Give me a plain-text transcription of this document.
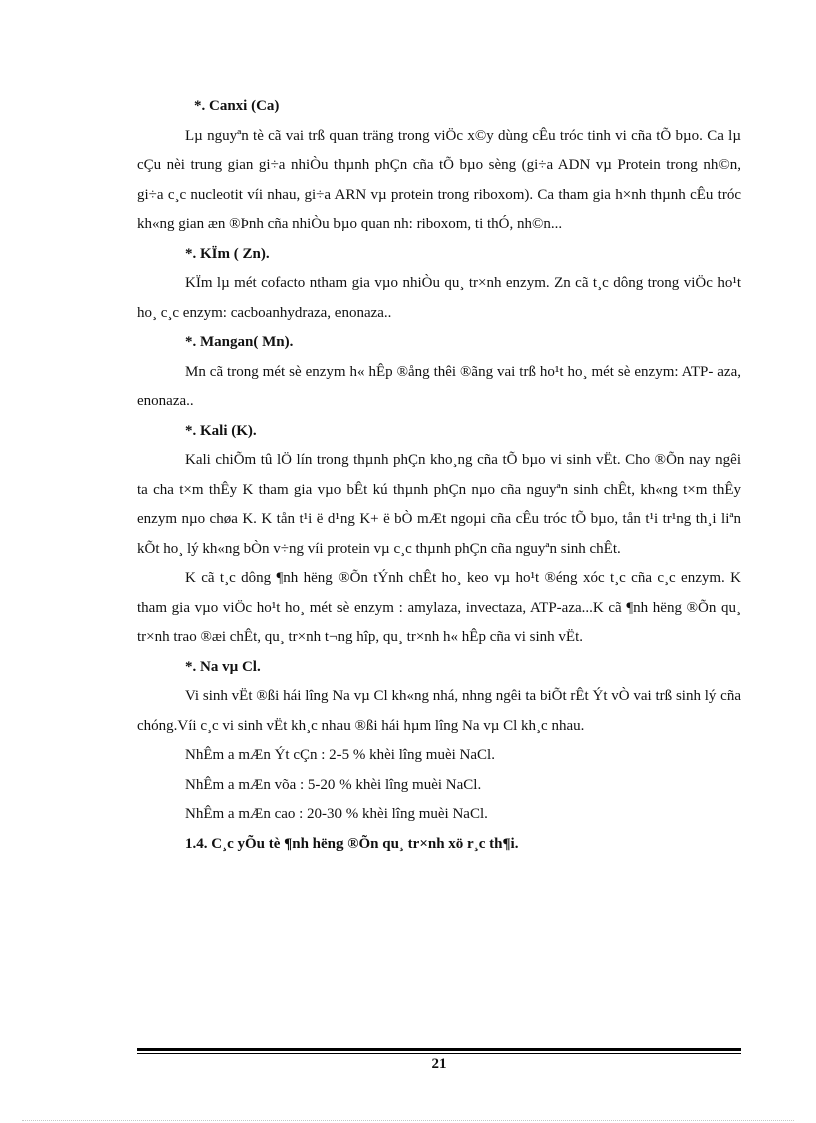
*. Canxi (Ca)

Lµ nguyªn tè cã vai trß quan träng trong viÖc x©y dùng cÊu tróc tinh vi cña tÕ bµo. Ca lµ cÇu nèi trung gian gi÷a nhiÒu thµnh phÇn cña tÕ bµo sèng (gi÷a ADN vµ Protein trong nh©n, gi÷a c¸c nucleotit víi nhau, gi÷a ARN vµ protein trong riboxom). Ca tham gia h×nh thµnh cÊu tróc kh«ng gian æn ®Þnh cña nhiÒu bµo quan nh: riboxom, ti thÓ, nh©n...

*. KÏm ( Zn).

KÏm lµ mét cofacto ntham gia vµo nhiÒu qu¸ tr×nh enzym. Zn cã t¸c dông trong viÖc ho¹t ho¸ c¸c enzym: cacboanhydraza, enonaza..

*. Mangan( Mn).

Mn cã trong mét sè enzym h« hÊp ®ång thêi ®ãng vai trß ho¹t ho¸ mét sè enzym: ATP- aza, enonaza..

*. Kali (K).

Kali chiÕm tû lÖ lín trong thµnh phÇn kho¸ng cña tÕ bµo vi sinh vËt. Cho ®Õn nay ngêi ta cha t×m thÊy K tham gia vµo bÊt kú thµnh phÇn nµo cña nguyªn sinh chÊt, kh«ng t×m thÊy enzym nµo chøa K. K tån t¹i ë d¹ng K+ ë bÒ mÆt ngoµi cña cÊu tróc tÕ bµo, tån t¹i tr¹ng th¸i liªn kÕt ho¸ lý kh«ng bÒn v÷ng víi protein vµ c¸c thµnh phÇn cña nguyªn sinh chÊt.

K cã t¸c dông ¶nh hëng ®Õn tÝnh chÊt ho¸ keo vµ ho¹t ®éng xóc t¸c cña c¸c enzym. K tham gia vµo viÖc ho¹t ho¸ mét sè enzym : amylaza, invectaza, ATP-aza...K cã ¶nh hëng ®Õn qu¸ tr×nh trao ®æi chÊt, qu¸ tr×nh t¬ng hîp, qu¸ tr×nh h« hÊp cña vi sinh vËt.

*. Na vµ Cl.

Vi sinh vËt ®ßi hái lîng Na vµ Cl kh«ng nhá, nhng ngêi ta biÕt rÊt Ýt vÒ vai trß sinh lý cña chóng.Víi c¸c vi sinh vËt kh¸c nhau ®ßi hái hµm lîng Na vµ Cl kh¸c nhau.

NhÊm a mÆn Ýt cÇn : 2-5 % khèi lîng muèi NaCl.
NhÊm a mÆn võa : 5-20 % khèi lîng muèi NaCl.
NhÊm a mÆn cao : 20-30 % khèi lîng muèi NaCl.
1.4. C¸c yÕu tè ¶nh hëng ®Õn qu¸ tr×nh xö r¸c th¶i.
21
